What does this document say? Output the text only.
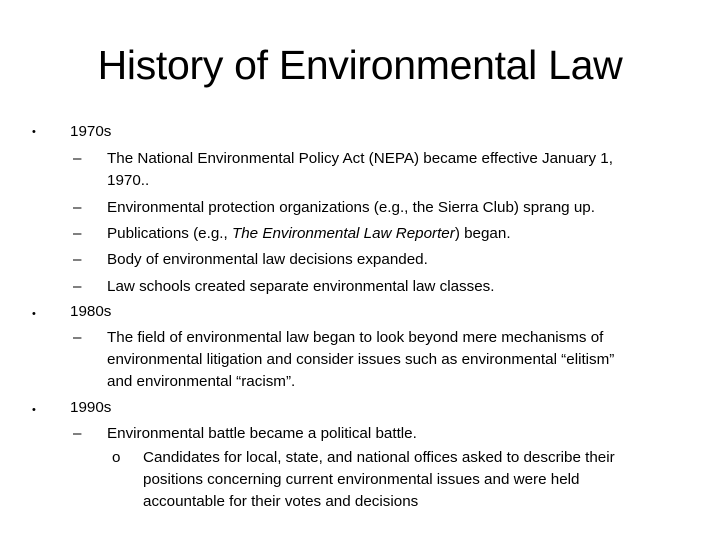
History of Environmental Law
• 1970s
– The National Environmental Policy Act (NEPA) became effective January 1,
1970..
– Environmental protection organizations (e.g., the Sierra Club) sprang up.
– Publications (e.g., The Environmental Law Reporter) began.
– Body of environmental law decisions expanded.
– Law schools created separate environmental law classes.
• 1980s
– The field of environmental law began to look beyond mere mechanisms of
environmental litigation and consider issues such as environmental “elitism”
and environmental “racism”.
• 1990s
– Environmental battle became a political battle.
o Candidates for local, state, and national offices asked to describe their
positions concerning current environmental issues and were held
accountable for their votes and decisions
